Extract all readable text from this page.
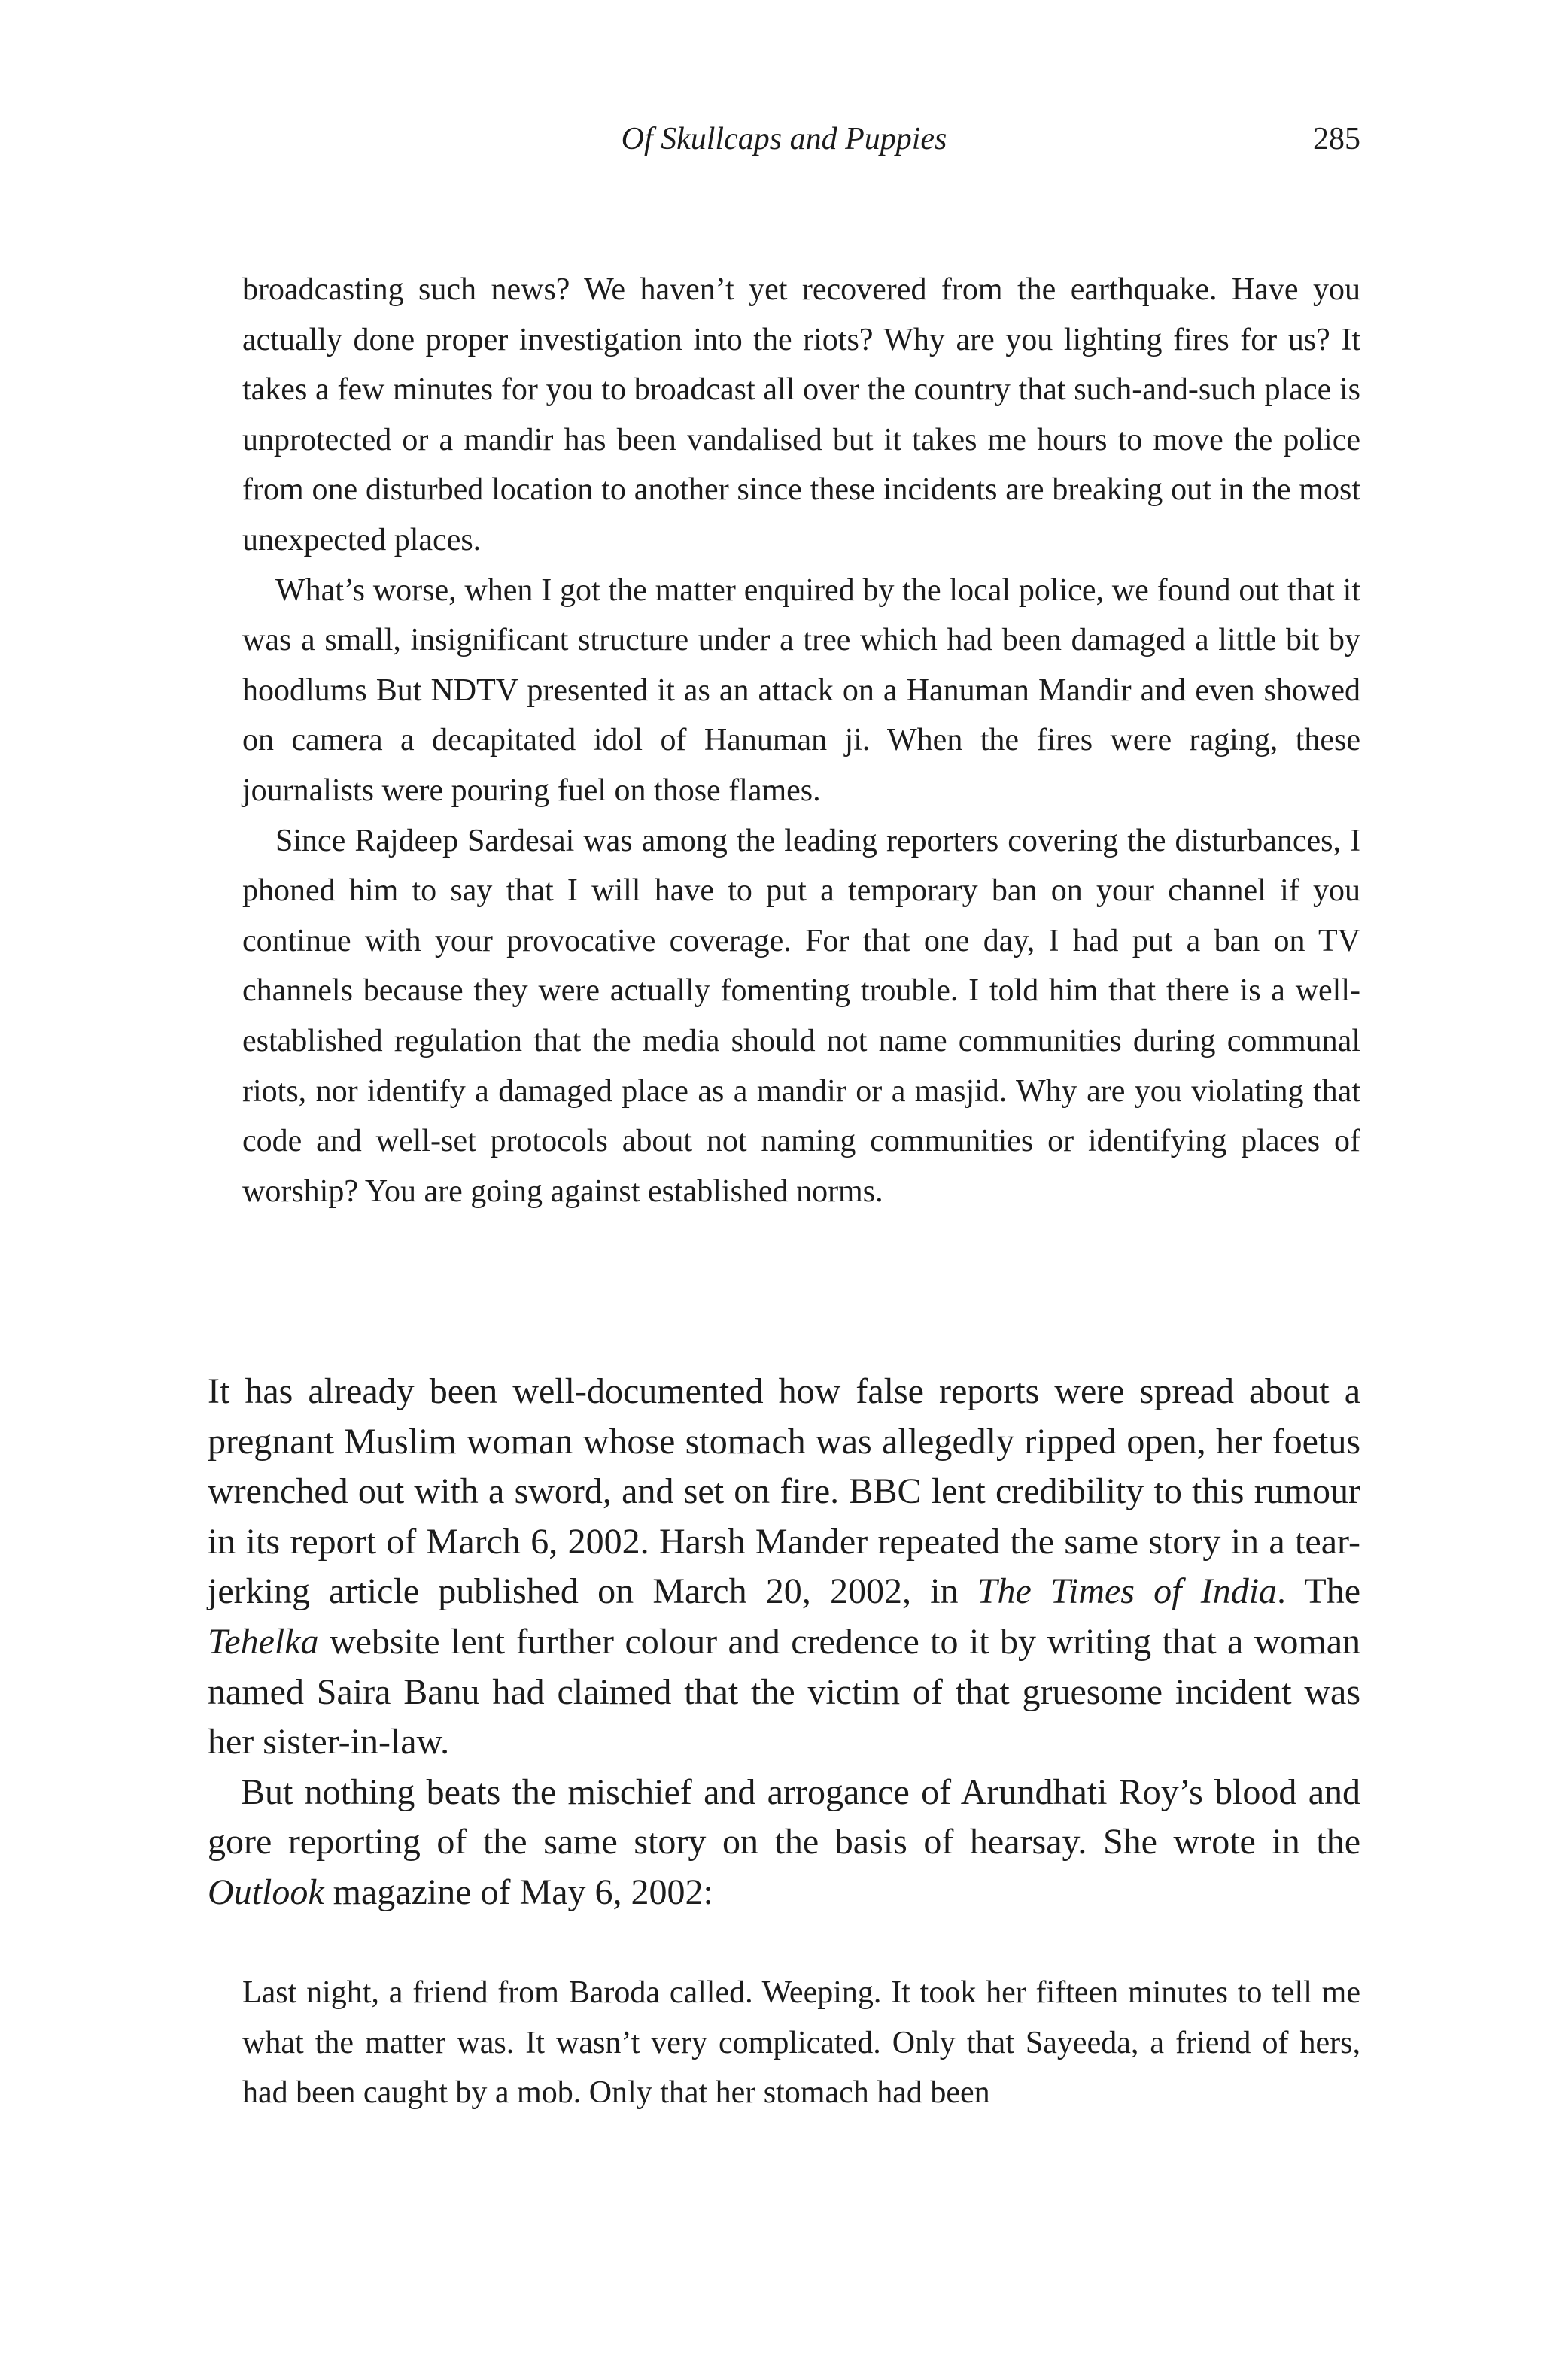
Of Skullcaps and Puppies	285

broadcasting such news? We haven’t yet recovered from the earthquake. Have you actually done proper investigation into the riots? Why are you lighting fires for us? It takes a few minutes for you to broadcast all over the country that such-and-such place is unprotected or a mandir has been vandalised but it takes me hours to move the police from one disturbed location to another since these incidents are breaking out in the most unexpected places.

What’s worse, when I got the matter enquired by the local police, we found out that it was a small, insignificant structure under a tree which had been damaged a little bit by hoodlums But NDTV presented it as an attack on a Hanuman Mandir and even showed on camera a decapitated idol of Hanuman ji. When the fires were raging, these journalists were pouring fuel on those flames.

Since Rajdeep Sardesai was among the leading reporters covering the disturbances, I phoned him to say that I will have to put a temporary ban on your channel if you continue with your provocative coverage. For that one day, I had put a ban on TV channels because they were actually fomenting trouble. I told him that there is a well-established regulation that the media should not name communities during communal riots, nor identify a damaged place as a mandir or a masjid. Why are you violating that code and well-set protocols about not naming communities or identifying places of worship? You are going against established norms.

It has already been well-documented how false reports were spread about a pregnant Muslim woman whose stomach was allegedly ripped open, her foetus wrenched out with a sword, and set on fire. BBC lent credibility to this rumour in its report of March 6, 2002. Harsh Mander repeated the same story in a tear-jerking article published on March 20, 2002, in The Times of India. The Tehelka website lent further colour and credence to it by writing that a woman named Saira Banu had claimed that the victim of that gruesome incident was her sister-in-law.

But nothing beats the mischief and arrogance of Arundhati Roy’s blood and gore reporting of the same story on the basis of hearsay. She wrote in the Outlook magazine of May 6, 2002:

Last night, a friend from Baroda called. Weeping. It took her fifteen minutes to tell me what the matter was. It wasn’t very complicated. Only that Sayeeda, a friend of hers, had been caught by a mob. Only that her stomach had been
